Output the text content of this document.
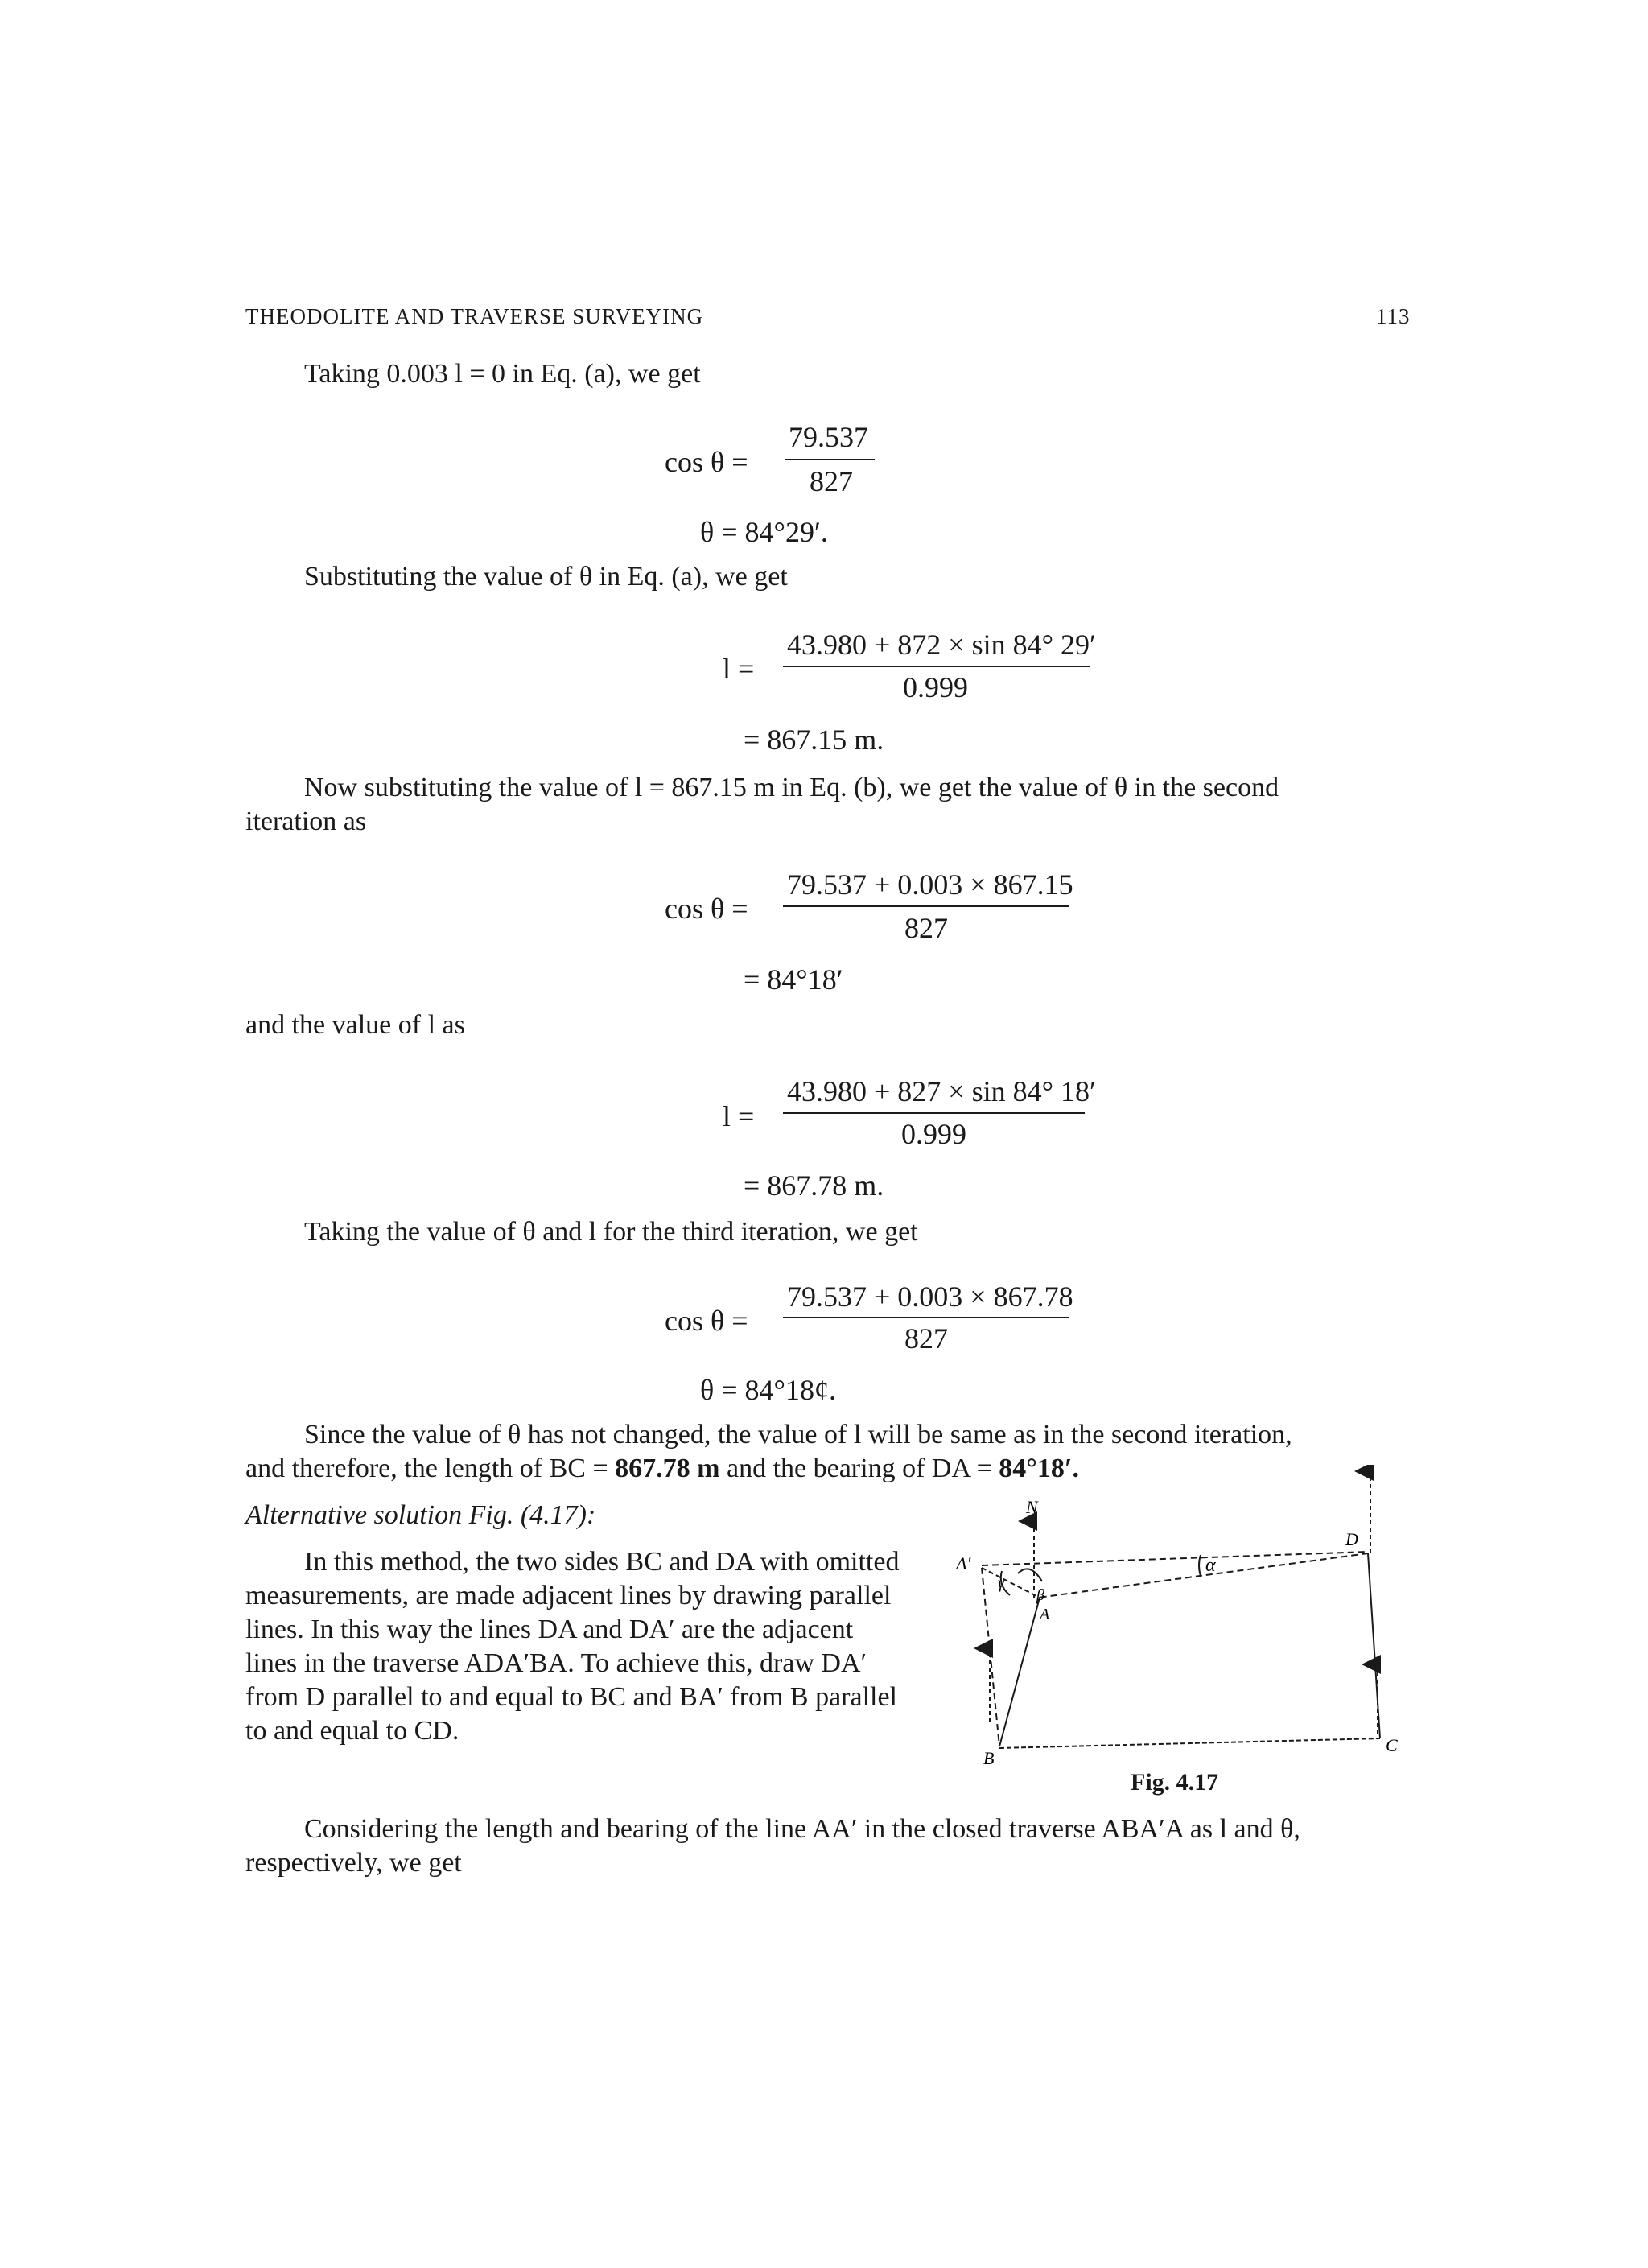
THEODOLITE AND TRAVERSE SURVEYING	113
Taking 0.003 l = 0 in Eq. (a), we get
cos θ =
79.537
827
θ = 84°29′.
Substituting the value of θ in Eq. (a), we get
l =
43.980 + 872 × sin 84° 29′
0.999
= 867.15 m.
Now substituting the value of l = 867.15 m in Eq. (b), we get the value of θ in the second
iteration as
cos θ =
79.537 + 0.003 × 867.15
827
= 84°18′
and the value of l as
l =
43.980 + 827 × sin 84° 18′
0.999
= 867.78 m.
Taking the value of θ and l for the third iteration, we get
cos θ =
79.537 + 0.003 × 867.78
827
θ = 84°18¢.
Since the value of θ has not changed, the value of l will be same as in the second iteration,
and therefore, the length of BC = 867.78 m and the bearing of DA = 84°18′.
Alternative solution Fig. (4.17):
In this method, the two sides BC and DA with omitted
measurements, are made adjacent lines by drawing parallel
lines. In this way the lines DA and DA′ are the adjacent
lines in the traverse ADA′BA. To achieve this, draw DA′
from D parallel to and equal to BC and BA′ from B parallel
to and equal to CD.
N
A′
A
B
C
D
α
β
γ
Fig. 4.17
Considering the length and bearing of the line AA′ in the closed traverse ABA′A as l and θ,
respectively, we get
